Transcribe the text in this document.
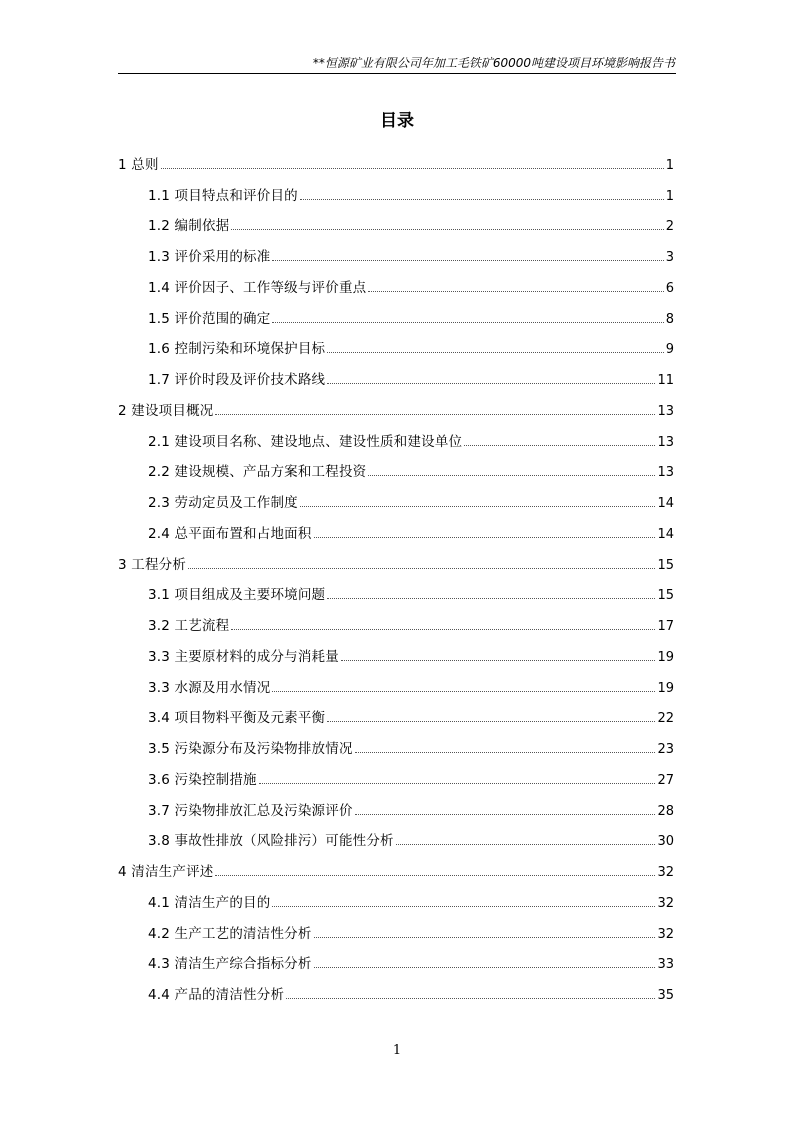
**恒源矿业有限公司年加工毛铁矿60000吨建设项目环境影响报告书
目录
1 总则	1
1.1 项目特点和评价目的	1
1.2 编制依据	2
1.3 评价采用的标准	3
1.4 评价因子、工作等级与评价重点	6
1.5 评价范围的确定	8
1.6 控制污染和环境保护目标	9
1.7 评价时段及评价技术路线	11
2 建设项目概况	13
2.1 建设项目名称、建设地点、建设性质和建设单位	13
2.2 建设规模、产品方案和工程投资	13
2.3 劳动定员及工作制度	14
2.4 总平面布置和占地面积	14
3 工程分析	15
3.1 项目组成及主要环境问题	15
3.2 工艺流程	17
3.3 主要原材料的成分与消耗量	19
3.3 水源及用水情况	19
3.4 项目物料平衡及元素平衡	22
3.5 污染源分布及污染物排放情况	23
3.6 污染控制措施	27
3.7 污染物排放汇总及污染源评价	28
3.8 事故性排放（风险排污）可能性分析	30
4 清洁生产评述	32
4.1 清洁生产的目的	32
4.2 生产工艺的清洁性分析	32
4.3 清洁生产综合指标分析	33
4.4 产品的清洁性分析	35
1
